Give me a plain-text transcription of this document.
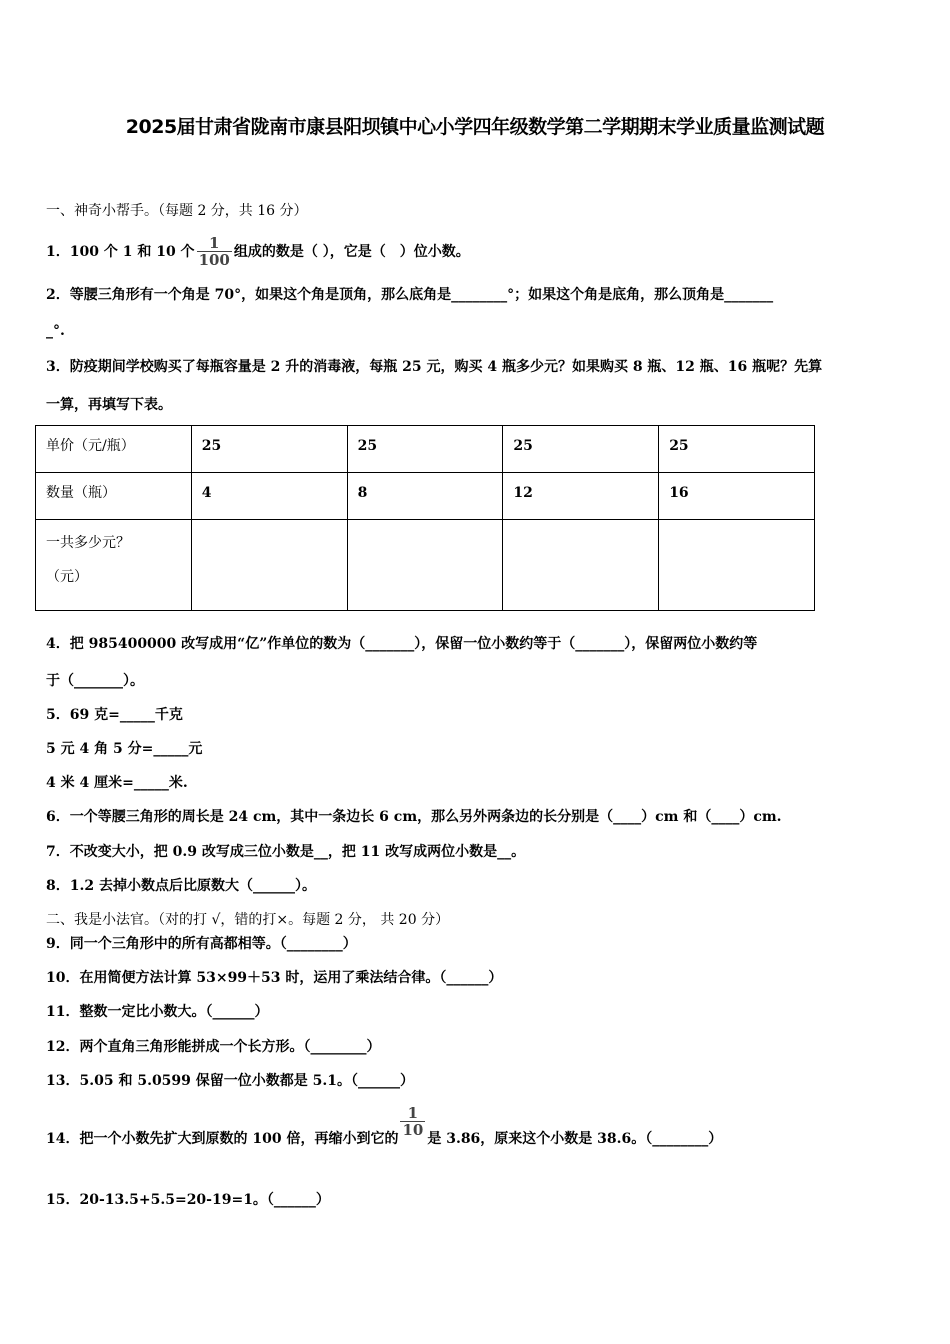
2025届甘肃省陇南市康县阳坝镇中心小学四年级数学第二学期期末学业质量监测试题
一、神奇小帮手。（每题 2 分，共 16 分）
1．100 个 1 和 10 个 $\frac{1}{100}$ 组成的数是（ ），它是（　）位小数。
2．等腰三角形有一个角是 70°，如果这个角是顶角，那么底角是________°；如果这个角是底角，那么顶角是_______
_°.
3．防疫期间学校购买了每瓶容量是 2 升的消毒液，每瓶 25 元，购买 4 瓶多少元？如果购买 8 瓶、12 瓶、16 瓶呢？先算
一算，再填写下表。
单价（元/瓶）	25	25	25	25
数量（瓶）	4	8	12	16

一共多少元？
（元）				

4．把 985400000 改写成用“亿”作单位的数为（_______），保留一位小数约等于（_______），保留两位小数约等
于（_______）。
5．69 克=_____千克
5 元 4 角 5 分=_____元
4 米 4 厘米=_____米.
6．一个等腰三角形的周长是 24 cm，其中一条边长 6 cm，那么另外两条边的长分别是（____）cm 和（____）cm.
7．不改变大小，把 0.9 改写成三位小数是__，把 11 改写成两位小数是__。
8．1.2 去掉小数点后比原数大（______）。
二、我是小法官。（对的打 √，错的打×。每题 2 分， 共 20 分）
9．同一个三角形中的所有高都相等。（________）
10．在用简便方法计算 53×99＋53 时，运用了乘法结合律。（______）
11．整数一定比小数大。（______）
12．两个直角三角形能拼成一个长方形。（________）
13．5.05 和 5.0599 保留一位小数都是 5.1。（______）
14．把一个小数先扩大到原数的 100 倍，再缩小到它的
$\frac{1}{10}$
是 3.86，原来这个小数是 38.6。（________）
15．20-13.5+5.5=20-19=1。（______）
